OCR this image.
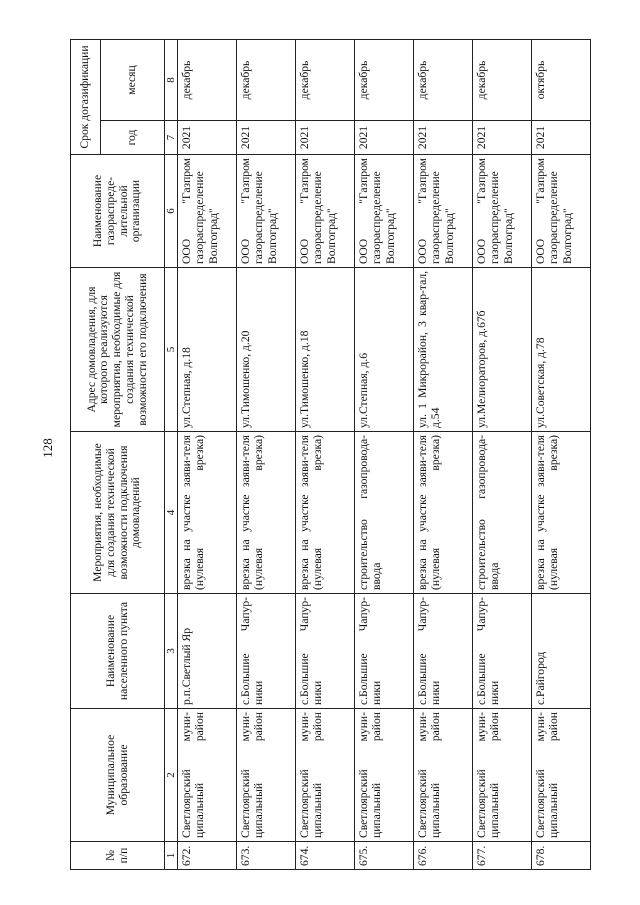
128
№ п/п	Муниципальное образование	Наименование населенного пункта	Мероприятия, необходимые для создания технической возможности подключения домовладений	Адрес домовладения, для которого реализуются мероприятия, необходимые для создания технической возможности его подключения	Наименование газораспреде-лительной организации	Срок догазификации	
						год	месяц
1	2	3	4	5	6	7	8
672.	Светлоярский муни-ципальный район	р.п.Светлый Яр	врезка на участке заяви-теля (нулевая врезка)	ул.Степная, д.18	ООО "Газпром газораспределение Волгоград"	2021	декабрь
673.	Светлоярский муни-ципальный район	с.Большие Чапур-ники	врезка на участке заяви-теля (нулевая врезка)	ул.Тимошенко, д.20	ООО "Газпром газораспределение Волгоград"	2021	декабрь
674.	Светлоярский муни-ципальный район	с.Большие Чапур-ники	врезка на участке заяви-теля (нулевая врезка)	ул.Тимошенко, д.18	ООО "Газпром газораспределение Волгоград"	2021	декабрь
675.	Светлоярский муни-ципальный район	с.Большие Чапур-ники	строительство газопровода-ввода	ул.Степная, д.6	ООО "Газпром газораспределение Волгоград"	2021	декабрь
676.	Светлоярский муни-ципальный район	с.Большие Чапур-ники	врезка на участке заяви-теля (нулевая врезка)	ул. 1 Микрорайон, 3 квар-тал, д.54	ООО "Газпром газораспределение Волгоград"	2021	декабрь
677.	Светлоярский муни-ципальный район	с.Большие Чапур-ники	строительство газопровода-ввода	ул.Мелиораторов, д.67б	ООО "Газпром газораспределение Волгоград"	2021	декабрь
678.	Светлоярский муни-ципальный район	с.Райгород	врезка на участке заяви-теля (нулевая врезка)	ул.Советская, д.78	ООО "Газпром газораспределение Волгоград"	2021	октябрь
